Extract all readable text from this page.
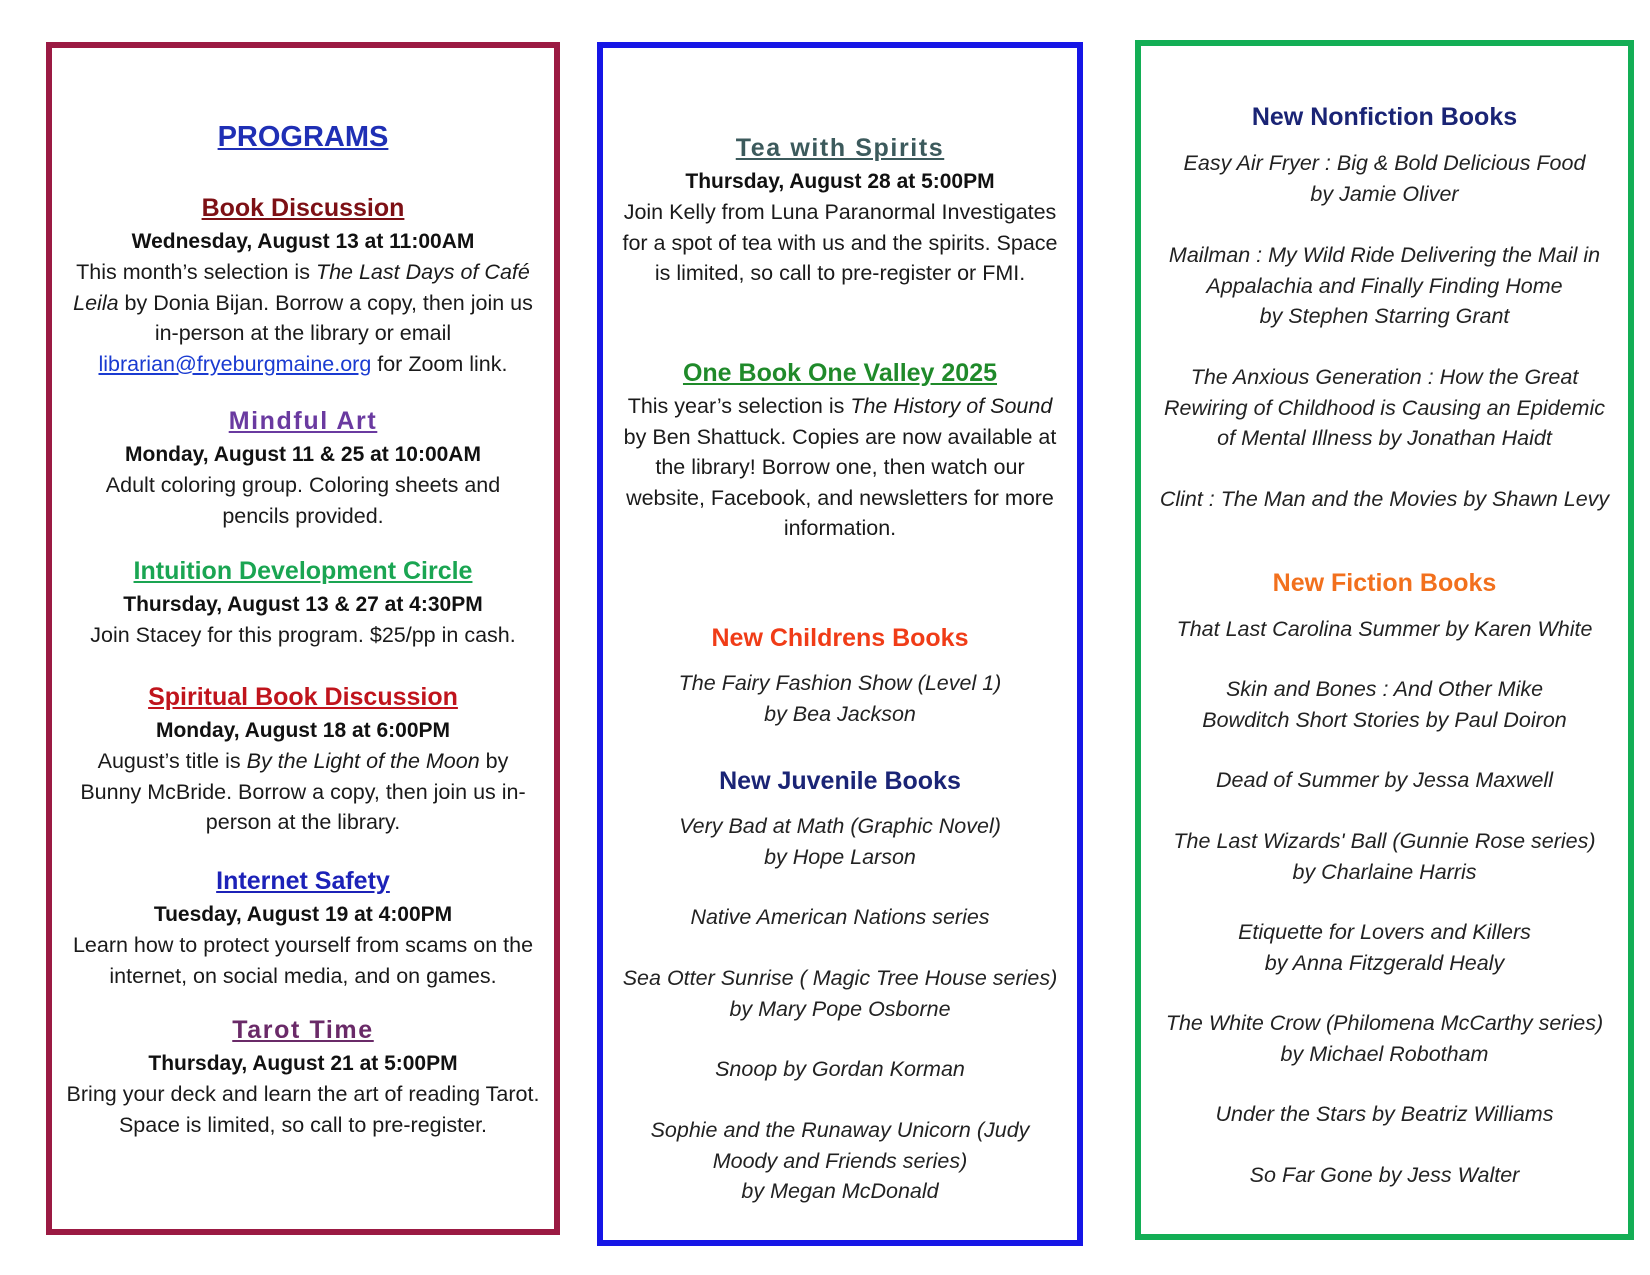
PROGRAMS
Book Discussion
Wednesday, August 13 at 11:00AM

This month’s selection is The Last Days of Café Leila by Donia Bijan. Borrow a copy, then join us in-person at the library or email librarian@fryeburgmaine.org for Zoom link.

Mindful Art
Monday, August 11 & 25 at 10:00AM

Adult coloring group. Coloring sheets and pencils provided.

Intuition Development Circle
Thursday, August 13 & 27 at 4:30PM

Join Stacey for this program. $25/pp in cash.

Spiritual Book Discussion
Monday, August 18 at 6:00PM

August’s title is By the Light of the Moon by Bunny McBride. Borrow a copy, then join us in-person at the library.

Internet Safety
Tuesday, August 19 at 4:00PM

Learn how to protect yourself from scams on the internet, on social media, and on games.

Tarot Time
Thursday, August 21 at 5:00PM

Bring your deck and learn the art of reading Tarot. Space is limited, so call to pre-register.

Tea with Spirits
Thursday, August 28 at 5:00PM

Join Kelly from Luna Paranormal Investigates for a spot of tea with us and the spirits. Space is limited, so call to pre-register or FMI.

One Book One Valley 2025

This year’s selection is The History of Sound by Ben Shattuck. Copies are now available at the library! Borrow one, then watch our website, Facebook, and newsletters for more information.

New Childrens Books

The Fairy Fashion Show (Level 1)

by Bea Jackson

New Juvenile Books

Very Bad at Math (Graphic Novel)

by Hope Larson

Native American Nations series

Sea Otter Sunrise ( Magic Tree House series)

by Mary Pope Osborne

Snoop by Gordan Korman

Sophie and the Runaway Unicorn (Judy Moody and Friends series)

by Megan McDonald

New Nonfiction Books

Easy Air Fryer : Big & Bold Delicious Food

by Jamie Oliver

Mailman : My Wild Ride Delivering the Mail in Appalachia and Finally Finding Home

by Stephen Starring Grant

The Anxious Generation : How the Great Rewiring of Childhood is Causing an Epidemic of Mental Illness by Jonathan Haidt

Clint : The Man and the Movies by Shawn Levy

New Fiction Books

That Last Carolina Summer by Karen White

Skin and Bones : And Other Mike Bowditch Short Stories by Paul Doiron

Dead of Summer by Jessa Maxwell

The Last Wizards' Ball (Gunnie Rose series)

by Charlaine Harris

Etiquette for Lovers and Killers

by Anna Fitzgerald Healy

The White Crow (Philomena McCarthy series)

by Michael Robotham

Under the Stars by Beatriz Williams

So Far Gone by Jess Walter
